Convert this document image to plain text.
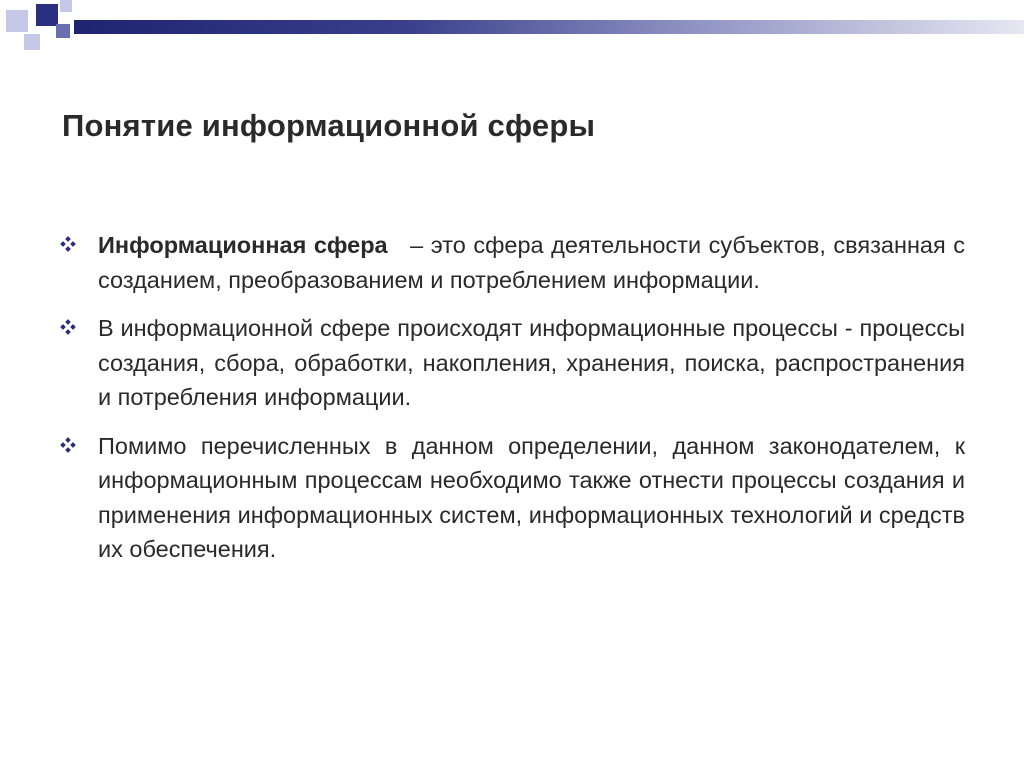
Понятие информационной сферы
Информационная сфера   – это сфера деятельности субъектов, связанная с созданием, преобразованием и потреблением информации.
В информационной сфере происходят информационные процессы - процессы создания, сбора, обработки, накопления, хранения, поиска, распространения и потребления информации.
Помимо перечисленных в данном определении, данном законодателем, к информационным процессам необходимо также отнести процессы создания и применения информационных систем, информационных технологий и средств их обеспечения.
